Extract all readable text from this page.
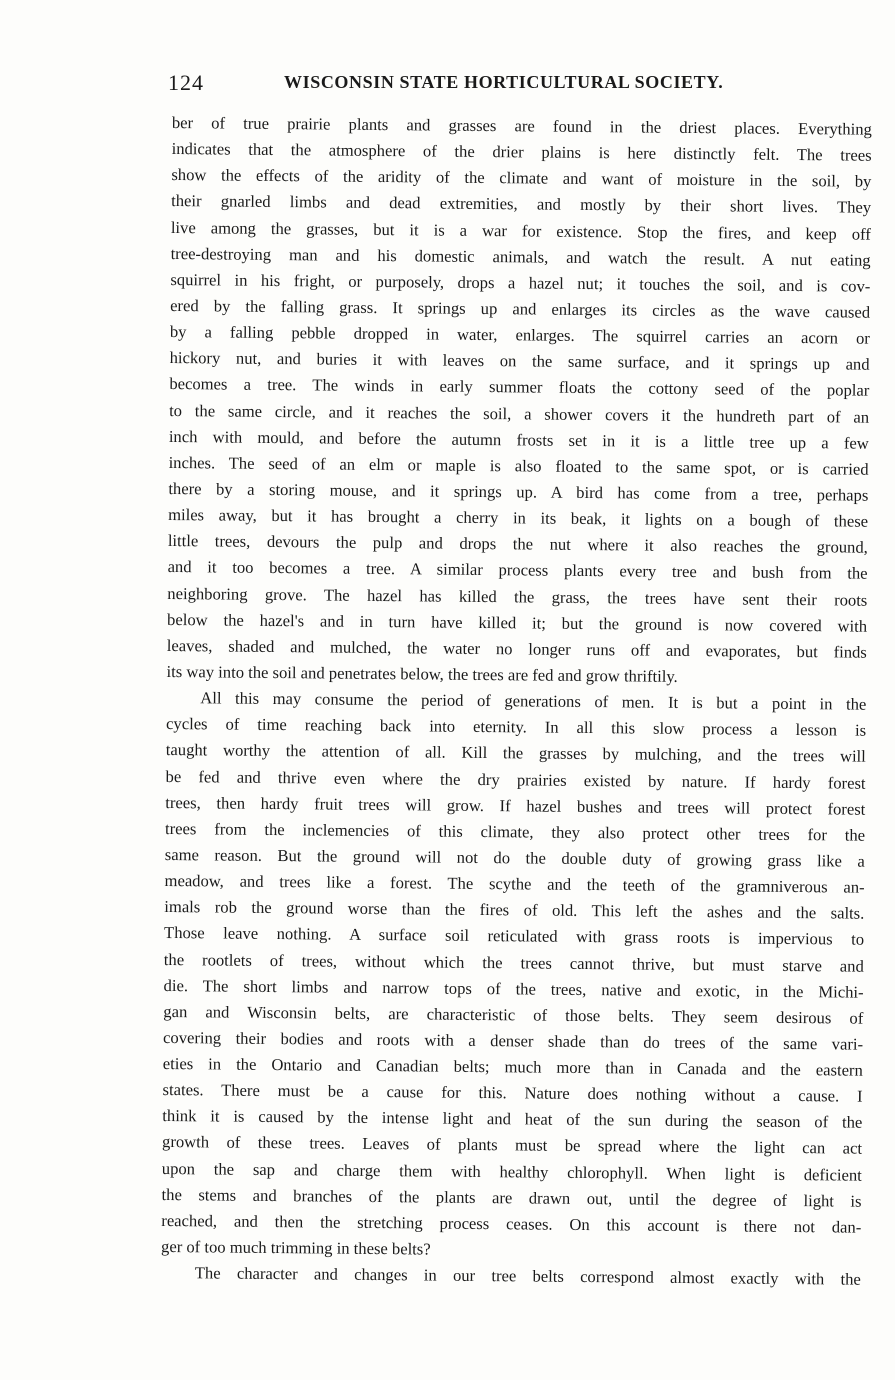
124	WISCONSIN STATE HORTICULTURAL SOCIETY.
ber of true prairie plants and grasses are found in the driest places. Everything
indicates that the atmosphere of the drier plains is here distinctly felt. The trees
show the effects of the aridity of the climate and want of moisture in the soil, by
their gnarled limbs and dead extremities, and mostly by their short lives. They
live among the grasses, but it is a war for existence. Stop the fires, and keep off
tree-destroying man and his domestic animals, and watch the result. A nut eating
squirrel in his fright, or purposely, drops a hazel nut; it touches the soil, and is cov-
ered by the falling grass. It springs up and enlarges its circles as the wave caused
by a falling pebble dropped in water, enlarges. The squirrel carries an acorn or
hickory nut, and buries it with leaves on the same surface, and it springs up and
becomes a tree. The winds in early summer floats the cottony seed of the poplar
to the same circle, and it reaches the soil, a shower covers it the hundreth part of an
inch with mould, and before the autumn frosts set in it is a little tree up a few
inches. The seed of an elm or maple is also floated to the same spot, or is carried
there by a storing mouse, and it springs up. A bird has come from a tree, perhaps
miles away, but it has brought a cherry in its beak, it lights on a bough of these
little trees, devours the pulp and drops the nut where it also reaches the ground,
and it too becomes a tree. A similar process plants every tree and bush from the
neighboring grove. The hazel has killed the grass, the trees have sent their roots
below the hazel's and in turn have killed it; but the ground is now covered with
leaves, shaded and mulched, the water no longer runs off and evaporates, but finds
its way into the soil and penetrates below, the trees are fed and grow thriftily.
All this may consume the period of generations of men. It is but a point in the
cycles of time reaching back into eternity. In all this slow process a lesson is
taught worthy the attention of all. Kill the grasses by mulching, and the trees will
be fed and thrive even where the dry prairies existed by nature. If hardy forest
trees, then hardy fruit trees will grow. If hazel bushes and trees will protect forest
trees from the inclemencies of this climate, they also protect other trees for the
same reason. But the ground will not do the double duty of growing grass like a
meadow, and trees like a forest. The scythe and the teeth of the gramniverous an-
imals rob the ground worse than the fires of old. This left the ashes and the salts.
Those leave nothing. A surface soil reticulated with grass roots is impervious to
the rootlets of trees, without which the trees cannot thrive, but must starve and
die. The short limbs and narrow tops of the trees, native and exotic, in the Michi-
gan and Wisconsin belts, are characteristic of those belts. They seem desirous of
covering their bodies and roots with a denser shade than do trees of the same vari-
eties in the Ontario and Canadian belts; much more than in Canada and the eastern
states. There must be a cause for this. Nature does nothing without a cause. I
think it is caused by the intense light and heat of the sun during the season of the
growth of these trees. Leaves of plants must be spread where the light can act
upon the sap and charge them with healthy chlorophyll. When light is deficient
the stems and branches of the plants are drawn out, until the degree of light is
reached, and then the stretching process ceases. On this account is there not dan-
ger of too much trimming in these belts?
The character and changes in our tree belts correspond almost exactly with the
